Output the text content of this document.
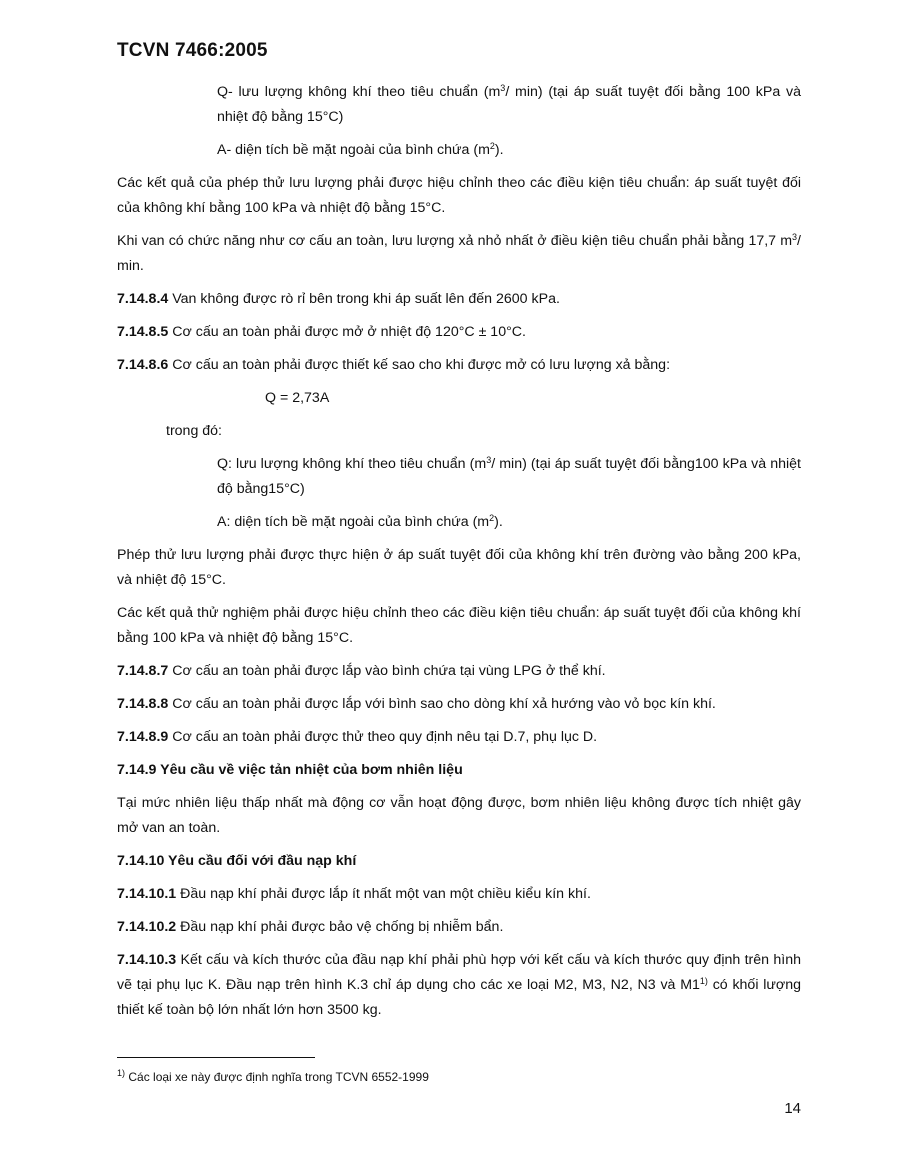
TCVN 7466:2005
Q- lưu lượng không khí theo tiêu chuẩn ($m^3/$ min) (tại áp suất tuyệt đối bằng 100 kPa và nhiệt độ bằng 15°C)
A- diện tích bề mặt ngoài của bình chứa $(m^2)$.
Các kết quả của phép thử lưu lượng phải được hiệu chỉnh theo các điều kiện tiêu chuẩn: áp suất tuyệt đối của không khí bằng 100 kPa và nhiệt độ bằng 15°C.
Khi van có chức năng như cơ cấu an toàn, lưu lượng xả nhỏ nhất ở điều kiện tiêu chuẩn phải bằng 17,7 $m^3/$ min.
7.14.8.4 Van không được rò rỉ bên trong khi áp suất lên đến 2600 kPa.
7.14.8.5 Cơ cấu an toàn phải được mở ở nhiệt độ 120°C ± 10°C.
7.14.8.6 Cơ cấu an toàn phải được thiết kế sao cho khi được mở có lưu lượng xả bằng:
Q = 2,73A
trong đó:
Q: lưu lượng không khí theo tiêu chuẩn ($m^3/$ min) (tại áp suất tuyệt đối bằng100 kPa và nhiệt độ bằng15°C)
A: diện tích bề mặt ngoài của bình chứa $(m^2)$.
Phép thử lưu lượng phải được thực hiện ở áp suất tuyệt đối của không khí trên đường vào bằng 200 kPa, và nhiệt độ 15°C.
Các kết quả thử nghiệm phải được hiệu chỉnh theo các điều kiện tiêu chuẩn: áp suất tuyệt đối của không khí bằng 100 kPa và nhiệt độ bằng 15°C.
7.14.8.7 Cơ cấu an toàn phải được lắp vào bình chứa tại vùng LPG ở thể khí.
7.14.8.8 Cơ cấu an toàn phải được lắp với bình sao cho dòng khí xả hướng vào vỏ bọc kín khí.
7.14.8.9 Cơ cấu an toàn phải được thử theo quy định nêu tại D.7, phụ lục D.
7.14.9 Yêu cầu về việc tản nhiệt của bơm nhiên liệu
Tại mức nhiên liệu thấp nhất mà động cơ vẫn hoạt động được, bơm nhiên liệu không được tích nhiệt gây mở van an toàn.
7.14.10 Yêu cầu đối với đầu nạp khí
7.14.10.1 Đầu nạp khí phải được lắp ít nhất một van một chiều kiểu kín khí.
7.14.10.2 Đầu nạp khí phải được bảo vệ chống bị nhiễm bẩn.
7.14.10.3 Kết cấu và kích thước của đầu nạp khí phải phù hợp với kết cấu và kích thước quy định trên hình vẽ tại phụ lục K. Đầu nạp trên hình K.3 chỉ áp dụng cho các xe loại M2, M3, N2, N3 và M1$^{1)}$ có khối lượng thiết kế toàn bộ lớn nhất lớn hơn 3500 kg.
$^{1)}$ Các loại xe này được định nghĩa trong TCVN 6552-1999
14
